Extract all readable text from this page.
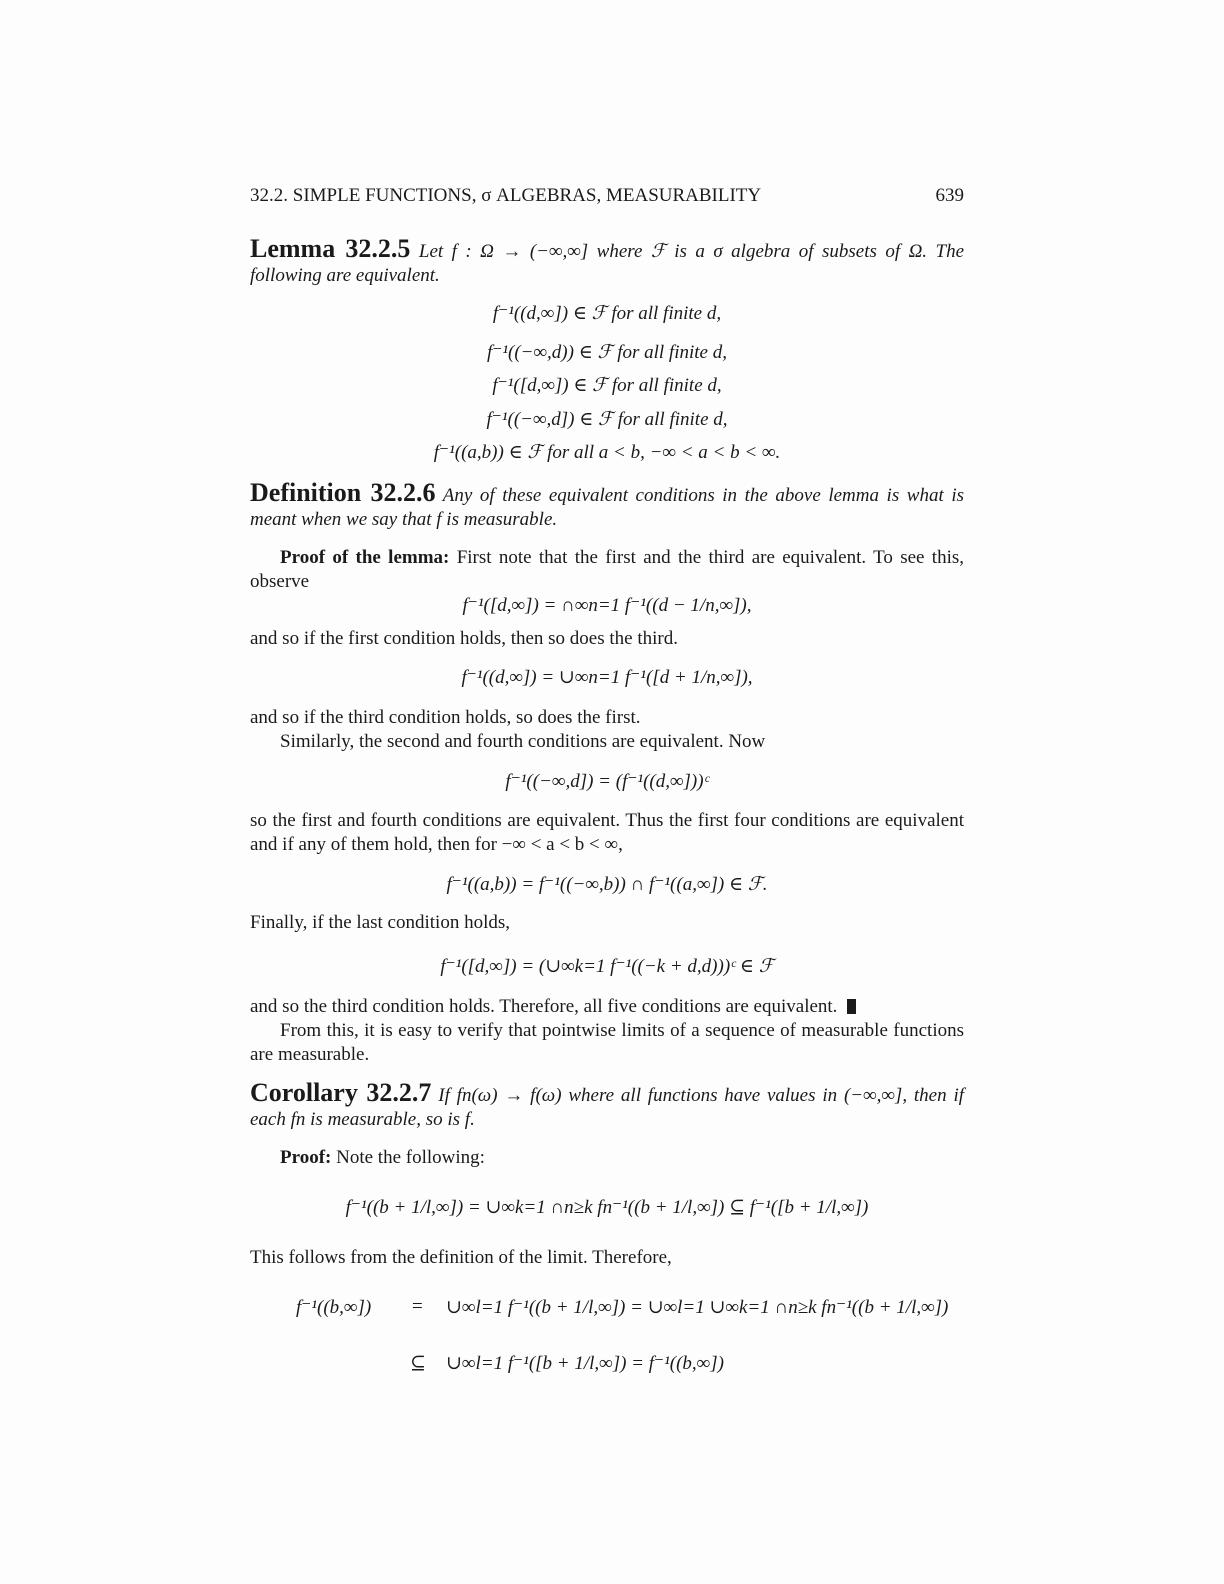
32.2. SIMPLE FUNCTIONS, σ ALGEBRAS, MEASURABILITY	639
Lemma 32.2.5 Let f : Ω → (−∞,∞] where ℱ is a σ algebra of subsets of Ω. The following are equivalent.
f⁻¹((d,∞]) ∈ ℱ for all finite d,
f⁻¹((−∞,d)) ∈ ℱ for all finite d,
f⁻¹([d,∞]) ∈ ℱ for all finite d,
f⁻¹((−∞,d]) ∈ ℱ for all finite d,
f⁻¹((a,b)) ∈ ℱ for all a < b, −∞ < a < b < ∞.
Definition 32.2.6 Any of these equivalent conditions in the above lemma is what is meant when we say that f is measurable.
Proof of the lemma: First note that the first and the third are equivalent. To see this, observe
f⁻¹([d,∞]) = ∩∞n=1 f⁻¹((d − 1/n,∞]),
and so if the first condition holds, then so does the third.
f⁻¹((d,∞]) = ∪∞n=1 f⁻¹([d + 1/n,∞]),
and so if the third condition holds, so does the first.
Similarly, the second and fourth conditions are equivalent. Now
f⁻¹((−∞,d]) = (f⁻¹((d,∞]))ᶜ
so the first and fourth conditions are equivalent. Thus the first four conditions are equivalent and if any of them hold, then for −∞ < a < b < ∞,
f⁻¹((a,b)) = f⁻¹((−∞,b)) ∩ f⁻¹((a,∞]) ∈ ℱ.
Finally, if the last condition holds,
f⁻¹([d,∞]) = (∪∞k=1 f⁻¹((−k + d,d)))ᶜ ∈ ℱ
and so the third condition holds. Therefore, all five conditions are equivalent.
From this, it is easy to verify that pointwise limits of a sequence of measurable functions are measurable.
Corollary 32.2.7 If fn(ω) → f(ω) where all functions have values in (−∞,∞], then if each fn is measurable, so is f.
Proof: Note the following:
f⁻¹((b + 1/l,∞]) = ∪∞k=1 ∩n≥k fn⁻¹((b + 1/l,∞]) ⊆ f⁻¹([b + 1/l,∞])
This follows from the definition of the limit. Therefore,
f⁻¹((b,∞]) = ∪∞l=1 f⁻¹((b + 1/l,∞]) = ∪∞l=1 ∪∞k=1 ∩n≥k fn⁻¹((b + 1/l,∞])
⊆ ∪∞l=1 f⁻¹([b + 1/l,∞]) = f⁻¹((b,∞])
